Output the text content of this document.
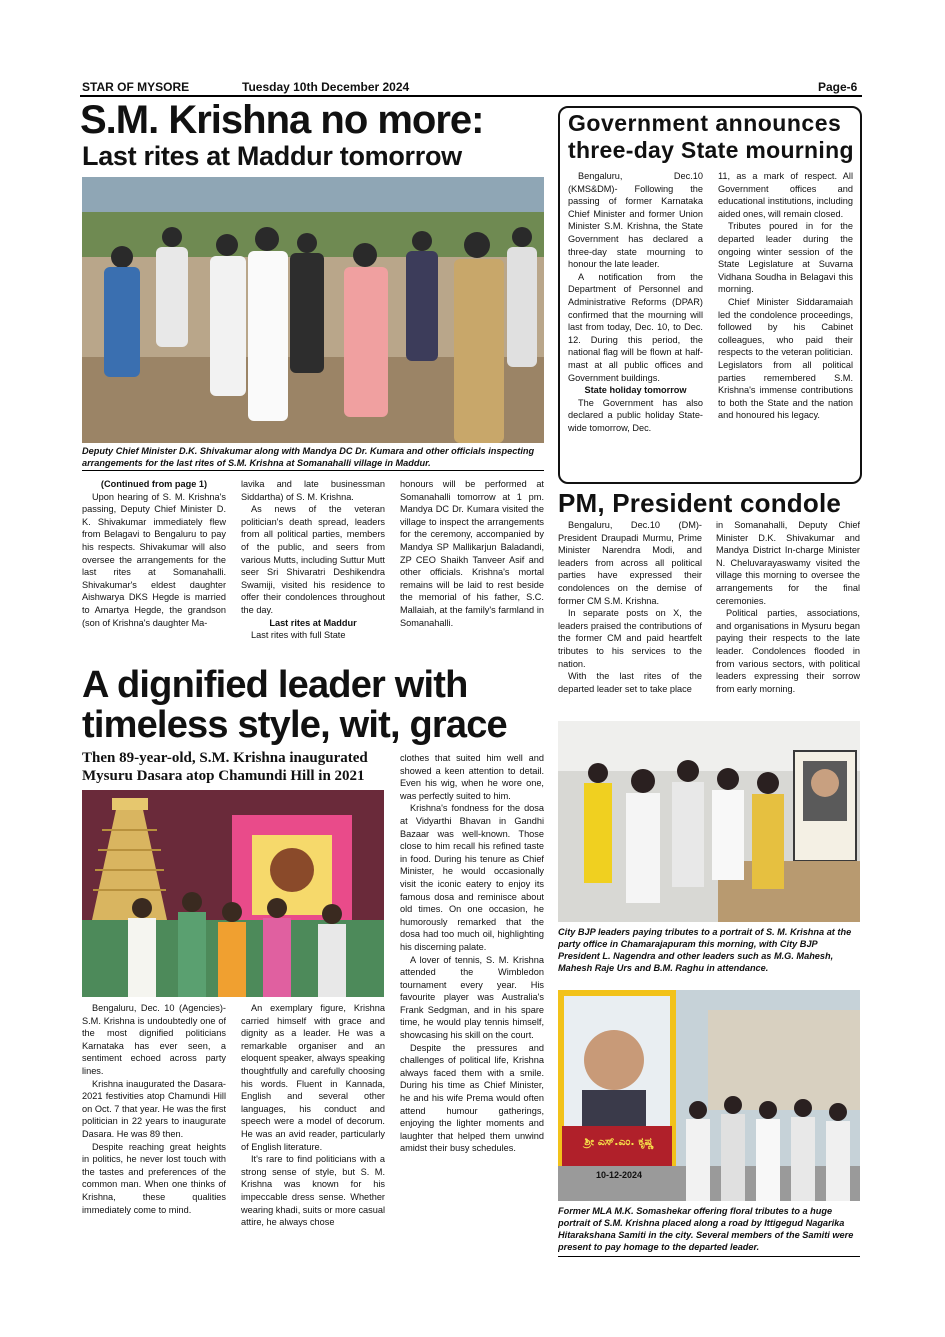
STAR OF MYSORE	Tuesday 10th December 2024	Page-6
S.M. Krishna no more:
Last rites at Maddur tomorrow
Deputy Chief Minister D.K. Shivakumar along with Mandya DC Dr. Kumara and other officials inspecting arrangements for the last rites of S.M. Krishna at Somanahalli village in Maddur.

(Continued from page 1)

Upon hearing of S. M. Krishna's passing, Deputy Chief Minister D. K. Shivakumar immediately flew from Belagavi to Bengaluru to pay his respects. Shivakumar will also oversee the arrangements for the last rites at Somanahalli. Shivakumar's eldest daughter Aishwarya DKS Hegde is married to Amartya Hegde, the grandson (son of Krishna's daughter Ma-

lavika and late businessman Siddartha) of S. M. Krishna.

As news of the veteran politician's death spread, leaders from all political parties, members of the public, and seers from various Mutts, including Suttur Mutt seer Sri Shivaratri Deshikendra Swamiji, visited his residence to offer their condolences throughout the day.

Last rites at Maddur

Last rites with full State

honours will be performed at Somanahalli tomorrow at 1 pm. Mandya DC Dr. Kumara visited the village to inspect the arrangements for the ceremony, accompanied by Mandya SP Mallikarjun Baladandi, ZP CEO Shaikh Tanveer Asif and other officials. Krishna's mortal remains will be laid to rest beside the memorial of his father, S.C. Mallaiah, at the family's farmland in Somanahalli.

Government announces
three-day State mourning

Bengaluru, Dec.10 (KMS&DM)- Following the passing of former Karnataka Chief Minister and former Union Minister S.M. Krishna, the State Government has declared a three-day state mourning to honour the late leader.

A notification from the Department of Personnel and Administrative Reforms (DPAR) confirmed that the mourning will last from today, Dec. 10, to Dec. 12. During this period, the national flag will be flown at half-mast at all public offices and Government buildings.

State holiday tomorrow

The Government has also declared a public holiday State-wide tomorrow, Dec.

11, as a mark of respect. All Government offices and educational institutions, including aided ones, will remain closed.

Tributes poured in for the departed leader during the ongoing winter session of the State Legislature at Suvarna Vidhana Soudha in Belagavi this morning.

Chief Minister Siddaramaiah led the condolence proceedings, followed by his Cabinet colleagues, who paid their respects to the veteran politician. Legislators from all political parties remembered S.M. Krishna's immense contributions to both the State and the nation and honoured his legacy.

PM, President condole

Bengaluru, Dec.10 (DM)- President Draupadi Murmu, Prime Minister Narendra Modi, and leaders from across all political parties have expressed their condolences on the demise of former CM S.M. Krishna.

In separate posts on X, the leaders praised the contributions of the former CM and paid heartfelt tributes to his services to the nation.

With the last rites of the departed leader set to take place

in Somanahalli, Deputy Chief Minister D.K. Shivakumar and Mandya District In-charge Minister N. Cheluvarayaswamy visited the village this morning to oversee the arrangements for the final ceremonies.

Political parties, associations, and organisations in Mysuru began paying their respects to the late leader. Condolences flooded in from various sectors, with political leaders expressing their sorrow from early morning.

A dignified leader with
timeless style, wit, grace
Then 89-year-old, S.M. Krishna inaugurated Mysuru Dasara atop Chamundi Hill in 2021

Bengaluru, Dec. 10 (Agencies)- S.M. Krishna is undoubtedly one of the most dignified politicians Karnataka has ever seen, a sentiment echoed across party lines.

Krishna inaugurated the Dasara-2021 festivities atop Chamundi Hill on Oct. 7 that year. He was the first politician in 22 years to inaugurate Dasara. He was 89 then.

Despite reaching great heights in politics, he never lost touch with the tastes and preferences of the common man. When one thinks of Krishna, these qualities immediately come to mind.

An exemplary figure, Krishna carried himself with grace and dignity as a leader. He was a remarkable organiser and an eloquent speaker, always speaking thoughtfully and carefully choosing his words. Fluent in Kannada, English and several other languages, his conduct and speech were a model of decorum. He was an avid reader, particularly of English literature.

It's rare to find politicians with a strong sense of style, but S. M. Krishna was known for his impeccable dress sense. Whether wearing khadi, suits or more casual attire, he always chose

clothes that suited him well and showed a keen attention to detail. Even his wig, when he wore one, was perfectly suited to him.

Krishna's fondness for the dosa at Vidyarthi Bhavan in Gandhi Bazaar was well-known. Those close to him recall his refined taste in food. During his tenure as Chief Minister, he would occasionally visit the iconic eatery to enjoy its famous dosa and reminisce about old times. On one occasion, he humorously remarked that the dosa had too much oil, highlighting his discerning palate.

A lover of tennis, S. M. Krishna attended the Wimbledon tournament every year. His favourite player was Australia's Frank Sedgman, and in his spare time, he would play tennis himself, showcasing his skill on the court.

Despite the pressures and challenges of political life, Krishna always faced them with a smile. During his time as Chief Minister, he and his wife Prema would often attend humour gatherings, enjoying the lighter moments and laughter that helped them unwind amidst their busy schedules.

City BJP leaders paying tributes to a portrait of S. M. Krishna at the party office in Chamarajapuram this morning, with City BJP President L. Nagendra and other leaders such as M.G. Mahesh, Mahesh Raje Urs and B.M. Raghu in attendance.
ಶ್ರೀ ಎಸ್.ಎಂ. ಕೃಷ್ಣ
10-12-2024
Former MLA M.K. Somashekar offering floral tributes to a huge portrait of S.M. Krishna placed along a road by Ittigegud Nagarika Hitarakshana Samiti in the city. Several members of the Samiti were present to pay homage to the departed leader.
